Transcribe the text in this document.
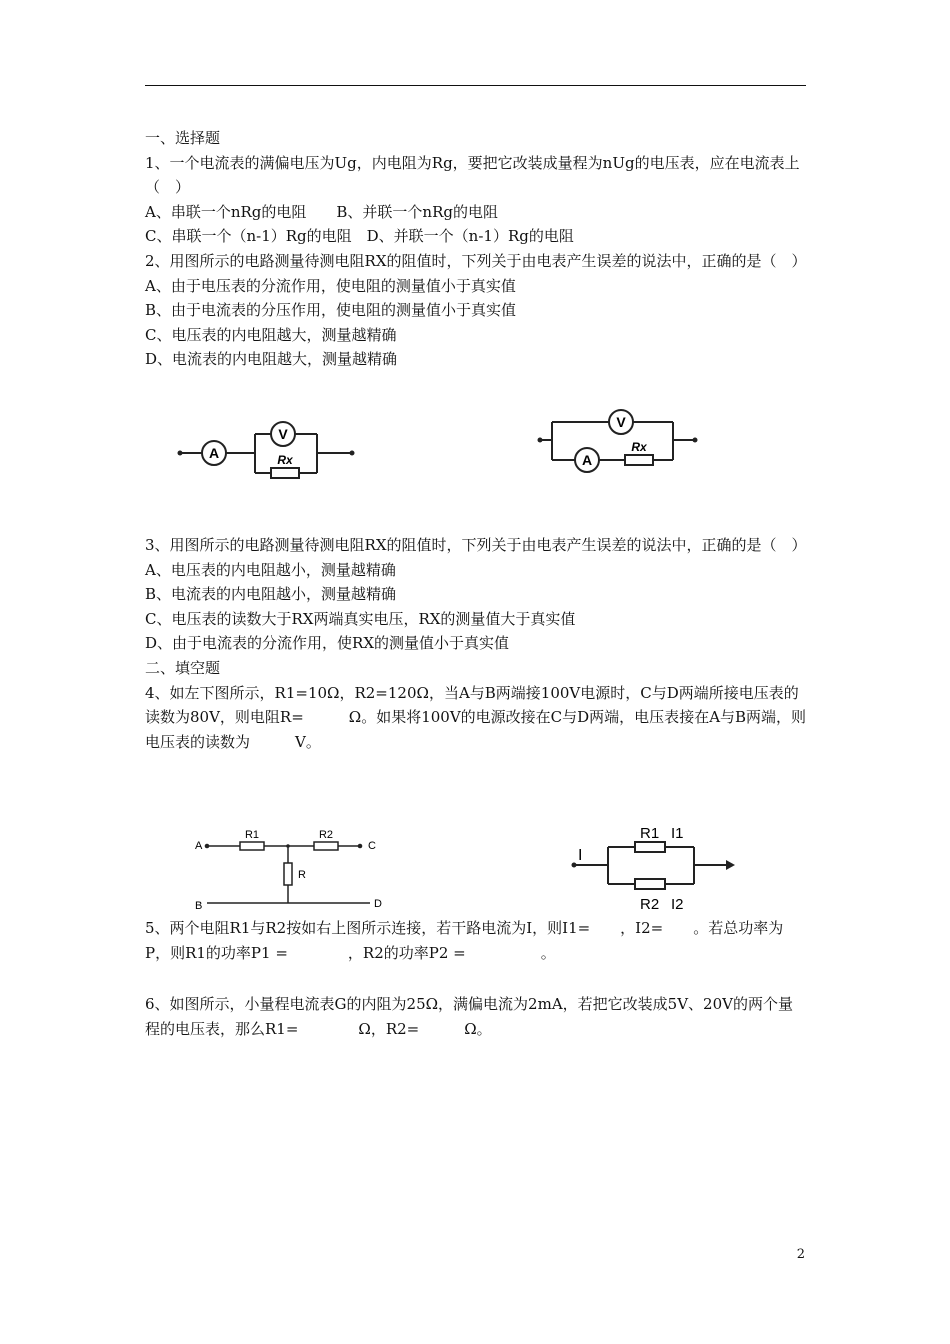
一、选择题

1、一个电流表的满偏电压为Ug，内电阻为Rg，要把它改装成量程为nUg的电压表，应在电流表上（　）

A、串联一个nRg的电阻　　B、并联一个nRg的电阻

C、串联一个（n-1）Rg的电阻　D、并联一个（n-1）Rg的电阻

2、用图所示的电路测量待测电阻RX的阻值时，下列关于由电表产生误差的说法中，正确的是（　）

A、由于电压表的分流作用，使电阻的测量值小于真实值

B、由于电流表的分压作用，使电阻的测量值小于真实值

C、电压表的内电阻越大，测量越精确

D、电流表的内电阻越大，测量越精确

3、用图所示的电路测量待测电阻RX的阻值时，下列关于由电表产生误差的说法中，正确的是（　）

A、电压表的内电阻越小，测量越精确

B、电流表的内电阻越小，测量越精确

C、电压表的读数大于RX两端真实电压，RX的测量值大于真实值

D、由于电流表的分流作用，使RX的测量值小于真实值

二、填空题

4、如左下图所示，R1=10Ω，R2=120Ω，当A与B两端接100V电源时，C与D两端所接电压表的读数为80V，则电阻R=　　　Ω。如果将100V的电源改接在C与D两端，电压表接在A与B两端，则电压表的读数为　　　V。

5、两个电阻R1与R2按如右上图所示连接，若干路电流为I，则I1=　　，I2=　　。若总功率为P，则R1的功率P1 =　　　　，R2的功率P2 =　　　　　。

6、如图所示，小量程电流表G的内阻为25Ω，满偏电流为2mA，若把它改装成5V、20V的两个量程的电压表，那么R1=　　　　Ω，R2=　　　Ω。

A
V
Rx
V
A
Rx
A
B
C
D
R1	R2
R
I
R1 I1
R2 I2
2
